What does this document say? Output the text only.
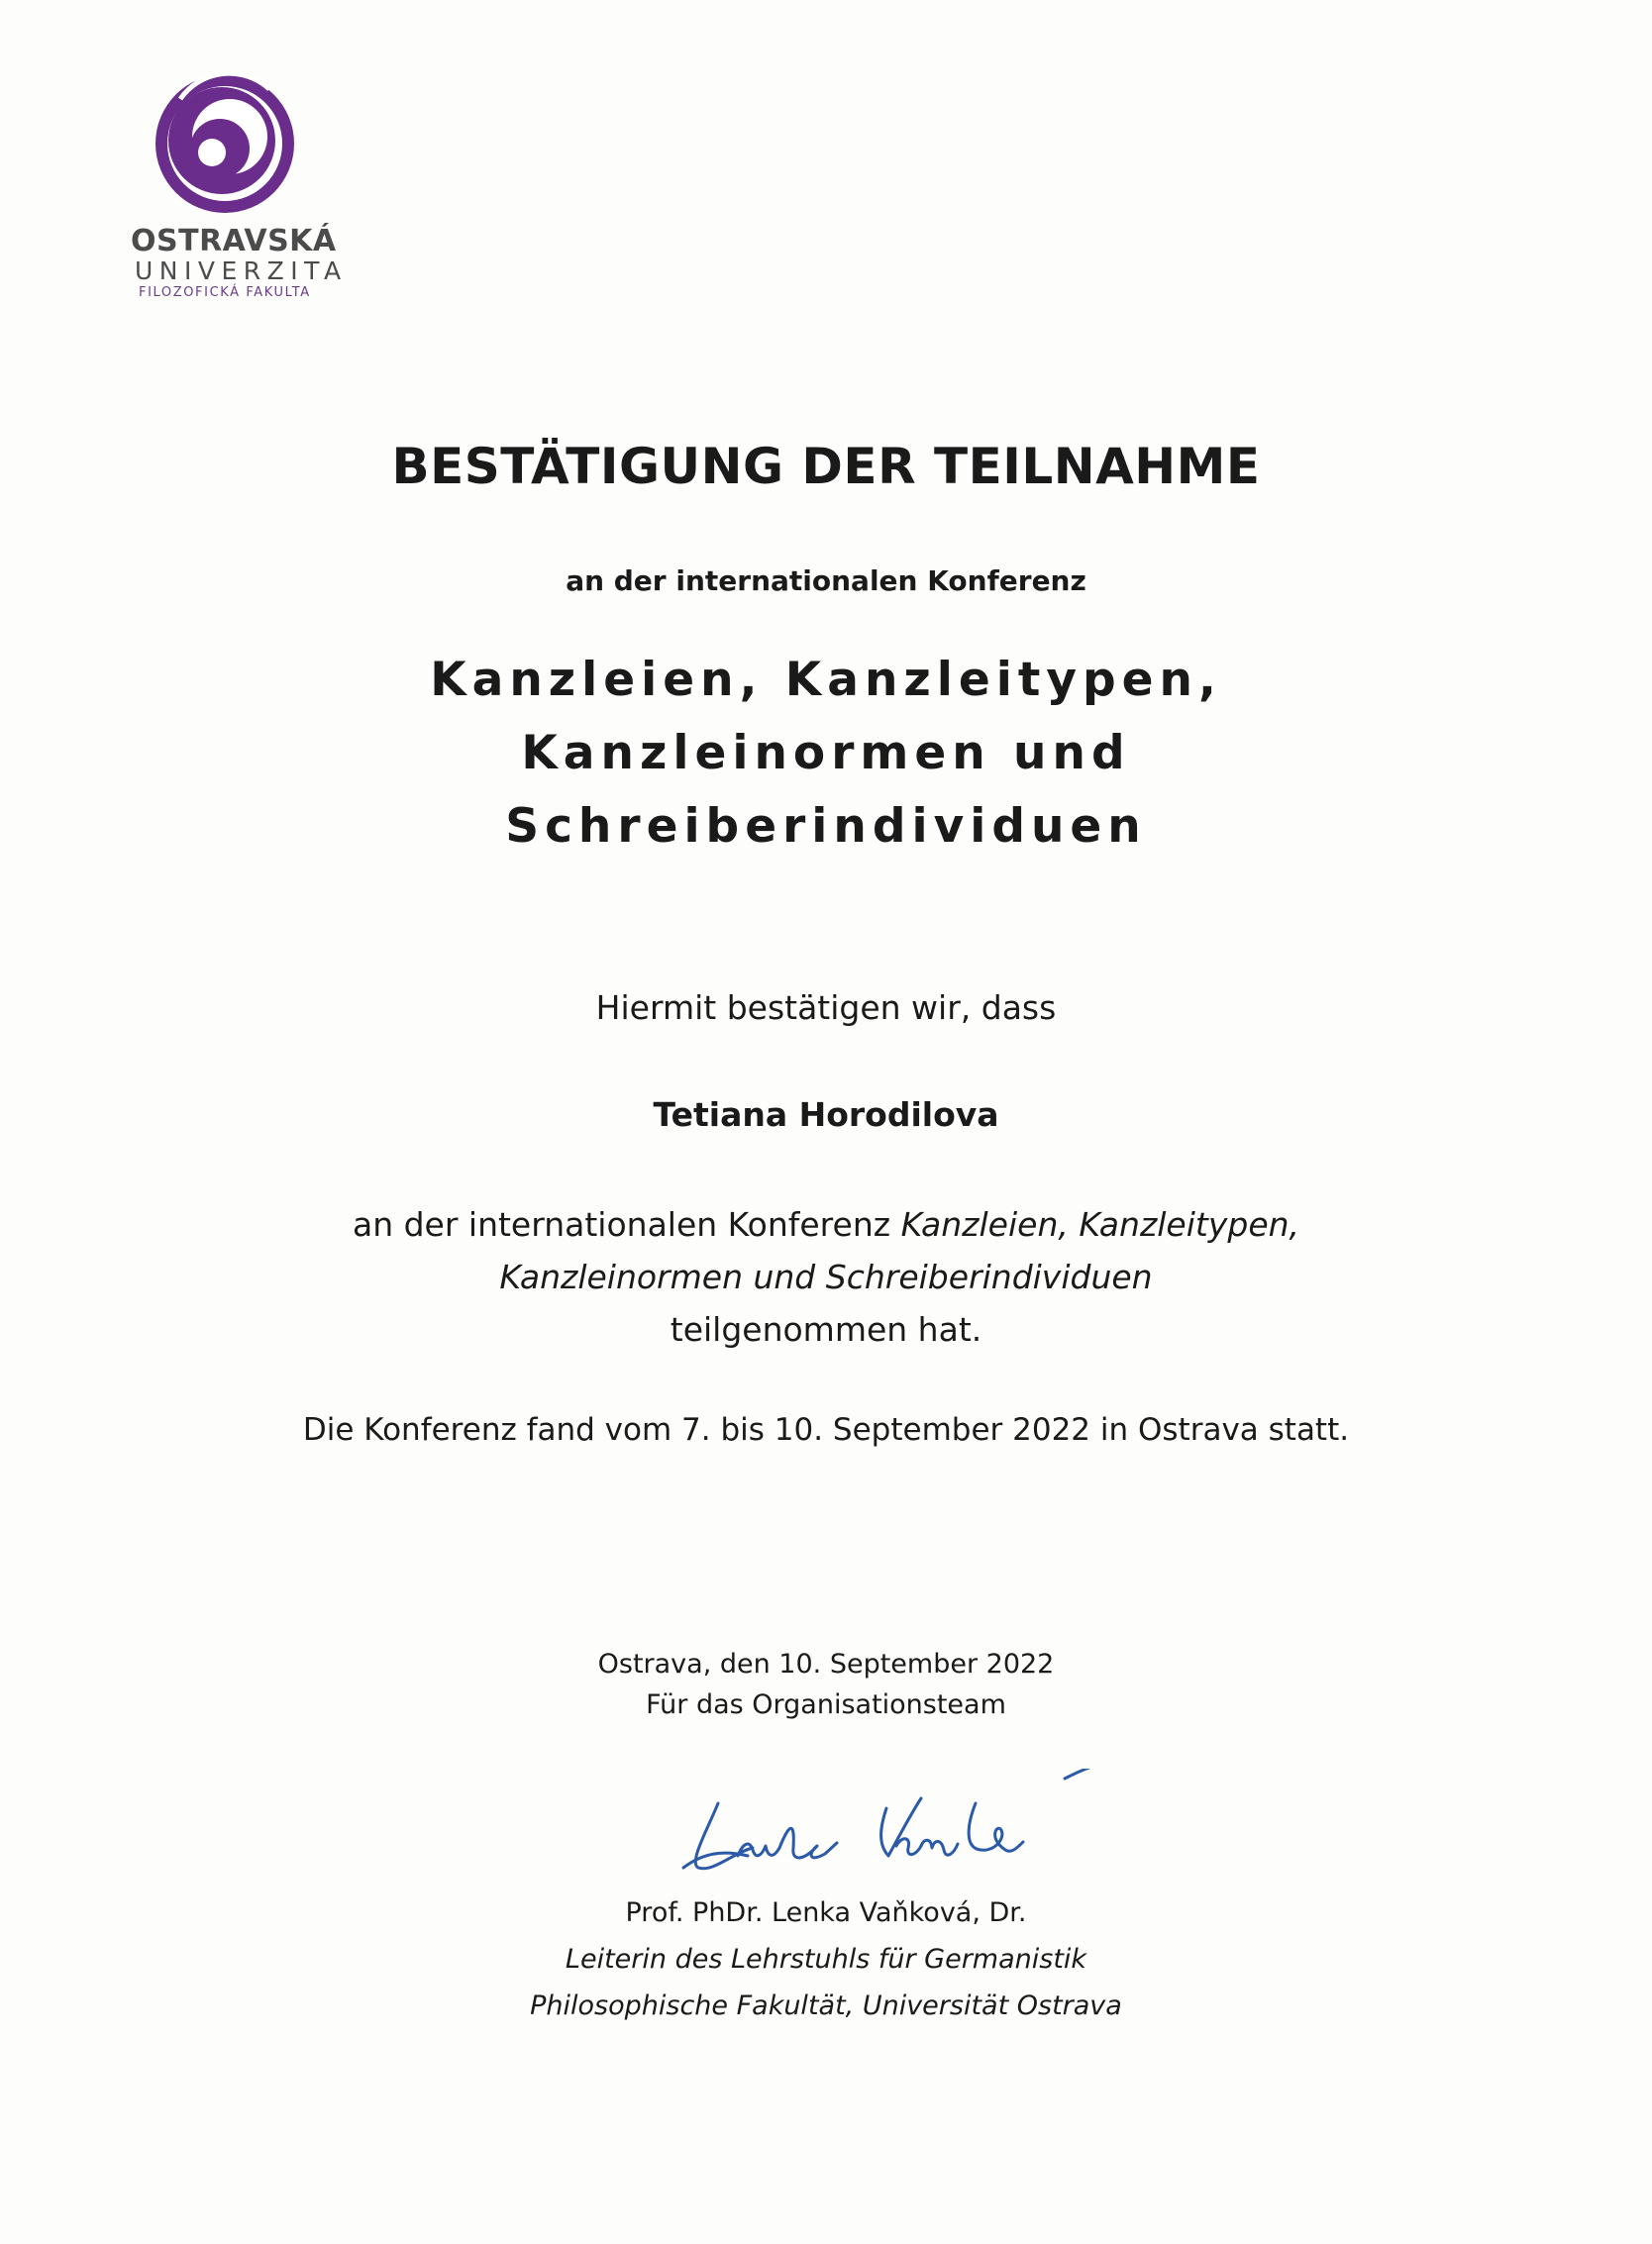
OSTRAVSKÁ
UNIVERZITA
FILOZOFICKÁ FAKULTA
BESTÄTIGUNG DER TEILNAHME
an der internationalen Konferenz
Kanzleien, Kanzleitypen,
Kanzleinormen und
Schreiberindividuen
Hiermit bestätigen wir, dass
Tetiana Horodilova
an der internationalen Konferenz Kanzleien, Kanzleitypen,
Kanzleinormen und Schreiberindividuen
teilgenommen hat.
Die Konferenz fand vom 7. bis 10. September 2022 in Ostrava statt.
Ostrava, den 10. September 2022
Für das Organisationsteam
Prof. PhDr. Lenka Vaňková, Dr.
Leiterin des Lehrstuhls für Germanistik
Philosophische Fakultät, Universität Ostrava
